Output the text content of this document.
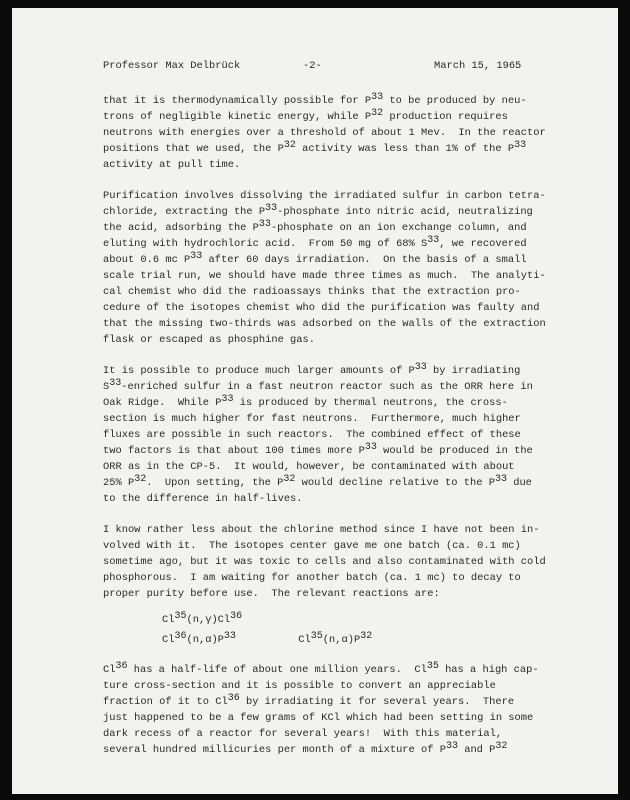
Professor Max Delbrück

	-2-

	March 15, 1965

that it is thermodynamically possible for P33 to be produced by neu-
trons of negligible kinetic energy, while P32 production requires
neutrons with energies over a threshold of about 1 Mev.  In the reactor
positions that we used, the P32 activity was less than 1% of the P33
activity at pull time.
Purification involves dissolving the irradiated sulfur in carbon tetra-
chloride, extracting the P33-phosphate into nitric acid, neutralizing
the acid, adsorbing the P33-phosphate on an ion exchange column, and
eluting with hydrochloric acid.  From 50 mg of 68% S33, we recovered
about 0.6 mc P33 after 60 days irradiation.  On the basis of a small
scale trial run, we should have made three times as much.  The analyti-
cal chemist who did the radioassays thinks that the extraction pro-
cedure of the isotopes chemist who did the purification was faulty and
that the missing two-thirds was adsorbed on the walls of the extraction
flask or escaped as phosphine gas.
It is possible to produce much larger amounts of P33 by irradiating
S33-enriched sulfur in a fast neutron reactor such as the ORR here in
Oak Ridge.  While P33 is produced by thermal neutrons, the cross-
section is much higher for fast neutrons.  Furthermore, much higher
fluxes are possible in such reactors.  The combined effect of these
two factors is that about 100 times more P33 would be produced in the
ORR as in the CP-5.  It would, however, be contaminated with about
25% P32.  Upon setting, the P32 would decline relative to the P33 due
to the difference in half-lives.
I know rather less about the chlorine method since I have not been in-
volved with it.  The isotopes center gave me one batch (ca. 0.1 mc)
sometime ago, but it was toxic to cells and also contaminated with cold
phosphorous.  I am waiting for another batch (ca. 1 mc) to decay to
proper purity before use.  The relevant reactions are:
Cl35(n,γ)Cl36
Cl36(n,α)P33          Cl35(n,α)P32
Cl36 has a half-life of about one million years.  Cl35 has a high cap-
ture cross-section and it is possible to convert an appreciable
fraction of it to Cl36 by irradiating it for several years.  There
just happened to be a few grams of KCl which had been setting in some
dark recess of a reactor for several years!  With this material,
several hundred millicuries per month of a mixture of P33 and P32
